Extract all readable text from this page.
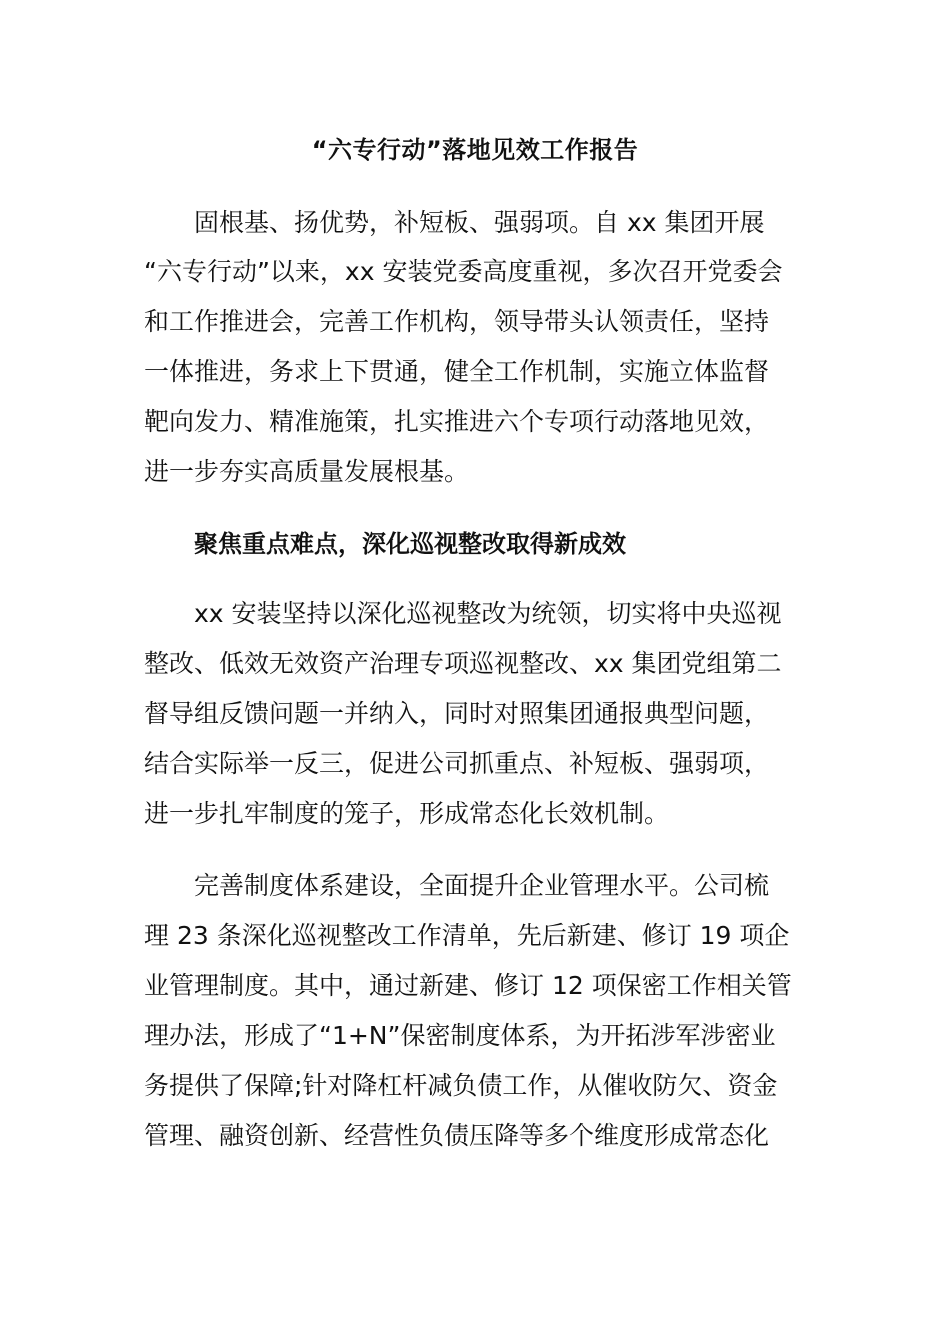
“六专行动”落地见效工作报告
固根基、扬优势，补短板、强弱项。自 xx 集团开展
“六专行动”以来，xx 安装党委高度重视，多次召开党委会
和工作推进会，完善工作机构，领导带头认领责任，坚持
一体推进，务求上下贯通，健全工作机制，实施立体监督
靶向发力、精准施策，扎实推进六个专项行动落地见效，
进一步夯实高质量发展根基。
聚焦重点难点，深化巡视整改取得新成效
xx 安装坚持以深化巡视整改为统领，切实将中央巡视
整改、低效无效资产治理专项巡视整改、xx 集团党组第二
督导组反馈问题一并纳入，同时对照集团通报典型问题，
结合实际举一反三，促进公司抓重点、补短板、强弱项，
进一步扎牢制度的笼子，形成常态化长效机制。
完善制度体系建设，全面提升企业管理水平。公司梳
理 23 条深化巡视整改工作清单，先后新建、修订 19 项企
业管理制度。其中，通过新建、修订 12 项保密工作相关管
理办法，形成了“1+N”保密制度体系，为开拓涉军涉密业
务提供了保障;针对降杠杆减负债工作，从催收防欠、资金
管理、融资创新、经营性负债压降等多个维度形成常态化
